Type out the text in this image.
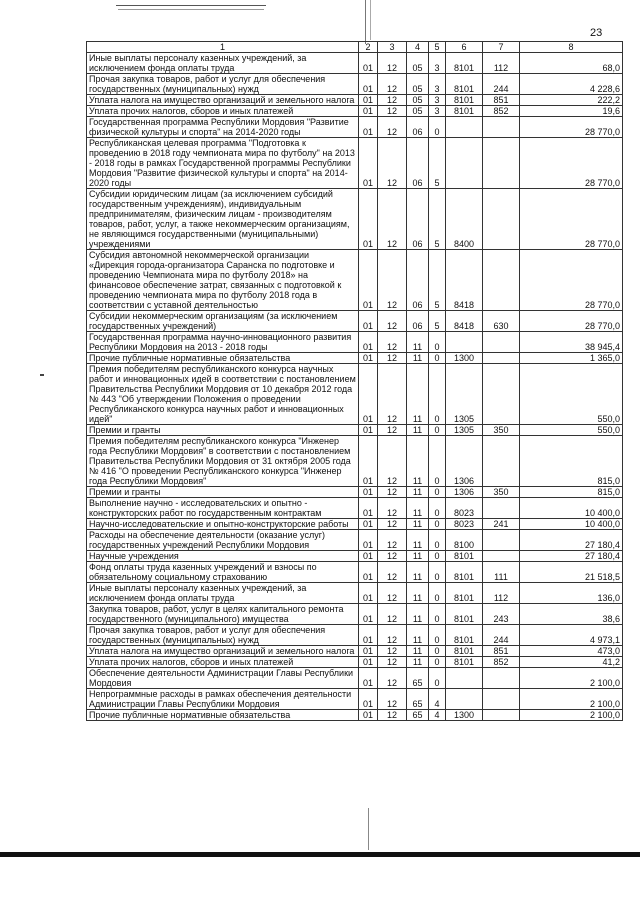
23
1	2	3	4	5	6	7	8
Иные выплаты персоналу казенных учреждений, за исключением фонда оплаты труда	01	12	05	3	8101	112	68,0
Прочая закупка товаров, работ и услуг для обеспечения государственных (муниципальных) нужд	01	12	05	3	8101	244	4 228,6
Уплата налога на имущество организаций и земельного налога	01	12	05	3	8101	851	222,2
Уплата прочих налогов, сборов и иных платежей	01	12	05	3	8101	852	19,6
Государственная программа Республики Мордовия "Развитие физической культуры и спорта" на 2014-2020 годы	01	12	06	0			28 770,0
Республиканская целевая программа "Подготовка к проведению в 2018 году чемпионата мира по футболу" на 2013 - 2018 годы в рамках Государственной программы Республики Мордовия "Развитие физической культуры и спорта" на 2014-2020 годы	01	12	06	5			28 770,0
Субсидии юридическим лицам (за исключением субсидий государственным учреждениям), индивидуальным предпринимателям, физическим лицам - производителям товаров, работ, услуг, а также некоммерческим организациям, не являющимся государственными (муниципальными) учреждениями	01	12	06	5	8400		28 770,0
Субсидия автономной некоммерческой организации «Дирекция города-организатора Саранска по подготовке и проведению Чемпионата мира по футболу 2018» на финансовое обеспечение затрат, связанных с подготовкой к проведению чемпионата мира по футболу 2018 года в соответствии с уставной деятельностью	01	12	06	5	8418		28 770,0
Субсидии некоммерческим организациям (за исключением государственных учреждений)	01	12	06	5	8418	630	28 770,0
Государственная программа научно-инновационного развития Республики Мордовия на 2013 - 2018 годы	01	12	11	0			38 945,4
Прочие публичные нормативные обязательства	01	12	11	0	1300		1 365,0
Премия победителям республиканского конкурса научных работ и инновационных идей в соответствии с постановлением Правительства Республики Мордовия от 10 декабря 2012 года № 443 "Об утверждении Положения о проведении Республиканского конкурса научных работ и инновационных идей"	01	12	11	0	1305		550,0
Премии и гранты	01	12	11	0	1305	350	550,0
Премия победителям республиканского конкурса "Инженер года Республики Мордовия" в соответствии с постановлением Правительства Республики Мордовия от 31 октября 2005 года № 416 "О проведении Республиканского конкурса "Инженер года Республики Мордовия"	01	12	11	0	1306		815,0
Премии и гранты	01	12	11	0	1306	350	815,0
Выполнение научно - исследовательских и опытно - конструкторских работ по государственным контрактам	01	12	11	0	8023		10 400,0
Научно-исследовательские и опытно-конструкторские работы	01	12	11	0	8023	241	10 400,0
Расходы на обеспечение деятельности (оказание услуг) государственных учреждений Республики Мордовия	01	12	11	0	8100		27 180,4
Научные учреждения	01	12	11	0	8101		27 180,4
Фонд оплаты труда казенных учреждений и взносы по обязательному социальному страхованию	01	12	11	0	8101	111	21 518,5
Иные выплаты персоналу казенных учреждений, за исключением фонда оплаты труда	01	12	11	0	8101	112	136,0
Закупка товаров, работ, услуг в целях капитального ремонта государственного (муниципального) имущества	01	12	11	0	8101	243	38,6
Прочая закупка товаров, работ и услуг для обеспечения государственных (муниципальных) нужд	01	12	11	0	8101	244	4 973,1
Уплата налога на имущество организаций и земельного налога	01	12	11	0	8101	851	473,0
Уплата прочих налогов, сборов и иных платежей	01	12	11	0	8101	852	41,2
Обеспечение деятельности Администрации Главы Республики Мордовия	01	12	65	0			2 100,0
Непрограммные расходы в рамках обеспечения деятельности Администрации Главы Республики Мордовия	01	12	65	4			2 100,0
Прочие публичные нормативные обязательства	01	12	65	4	1300		2 100,0
